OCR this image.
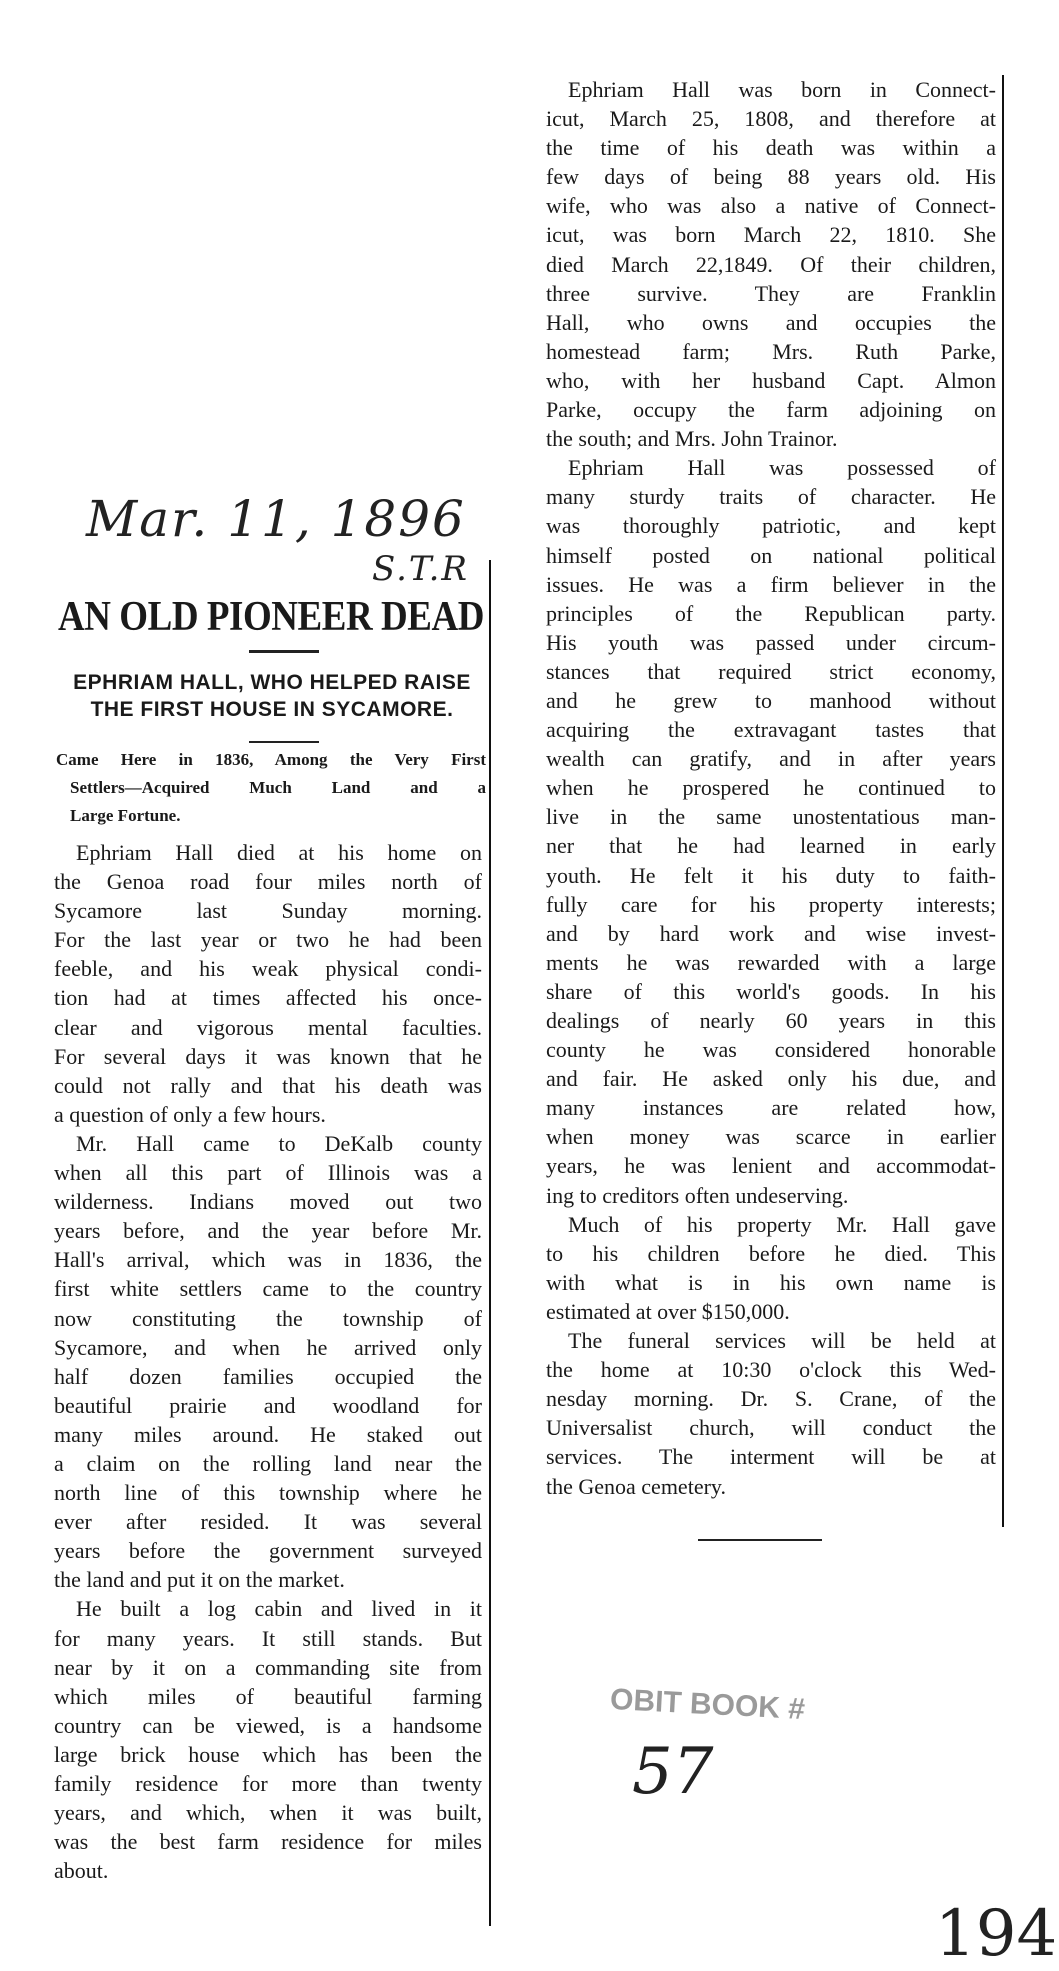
Mar. 11, 1896
S.T.R
AN OLD PIONEER DEAD
EPHRIAM HALL, WHO HELPED RAISE
THE FIRST HOUSE IN SYCAMORE.
Came Here in 1836, Among the Very First
Settlers—Acquired Much Land and a
Large Fortune.
Ephriam Hall died at his home on
the Genoa road four miles north of
Sycamore last Sunday morning.
For the last year or two he had been
feeble, and his weak physical condi-
tion had at times affected his once-
clear and vigorous mental faculties.
For several days it was known that he
could not rally and that his death was
a question of only a few hours.
Mr. Hall came to DeKalb county
when all this part of Illinois was a
wilderness. Indians moved out two
years before, and the year before Mr.
Hall's arrival, which was in 1836, the
first white settlers came to the country
now constituting the township of
Sycamore, and when he arrived only
half dozen families occupied the
beautiful prairie and woodland for
many miles around. He staked out
a claim on the rolling land near the
north line of this township where he
ever after resided. It was several
years before the government surveyed
the land and put it on the market.
He built a log cabin and lived in it
for many years. It still stands. But
near by it on a commanding site from
which miles of beautiful farming
country can be viewed, is a handsome
large brick house which has been the
family residence for more than twenty
years, and which, when it was built,
was the best farm residence for miles
about.
Ephriam Hall was born in Connect-
icut, March 25, 1808, and therefore at
the time of his death was within a
few days of being 88 years old. His
wife, who was also a native of Connect-
icut, was born March 22, 1810. She
died March 22,1849. Of their children,
three survive. They are Franklin
Hall, who owns and occupies the
homestead farm; Mrs. Ruth Parke,
who, with her husband Capt. Almon
Parke, occupy the farm adjoining on
the south; and Mrs. John Trainor.
Ephriam Hall was possessed of
many sturdy traits of character. He
was thoroughly patriotic, and kept
himself posted on national political
issues. He was a firm believer in the
principles of the Republican party.
His youth was passed under circum-
stances that required strict economy,
and he grew to manhood without
acquiring the extravagant tastes that
wealth can gratify, and in after years
when he prospered he continued to
live in the same unostentatious man-
ner that he had learned in early
youth. He felt it his duty to faith-
fully care for his property interests;
and by hard work and wise invest-
ments he was rewarded with a large
share of this world's goods. In his
dealings of nearly 60 years in this
county he was considered honorable
and fair. He asked only his due, and
many instances are related how,
when money was scarce in earlier
years, he was lenient and accommodat-
ing to creditors often undeserving.
Much of his property Mr. Hall gave
to his children before he died. This
with what is in his own name is
estimated at over $150,000.
The funeral services will be held at
the home at 10:30 o'clock this Wed-
nesday morning. Dr. S. Crane, of the
Universalist church, will conduct the
services. The interment will be at
the Genoa cemetery.
OBIT BOOK #
57
194
